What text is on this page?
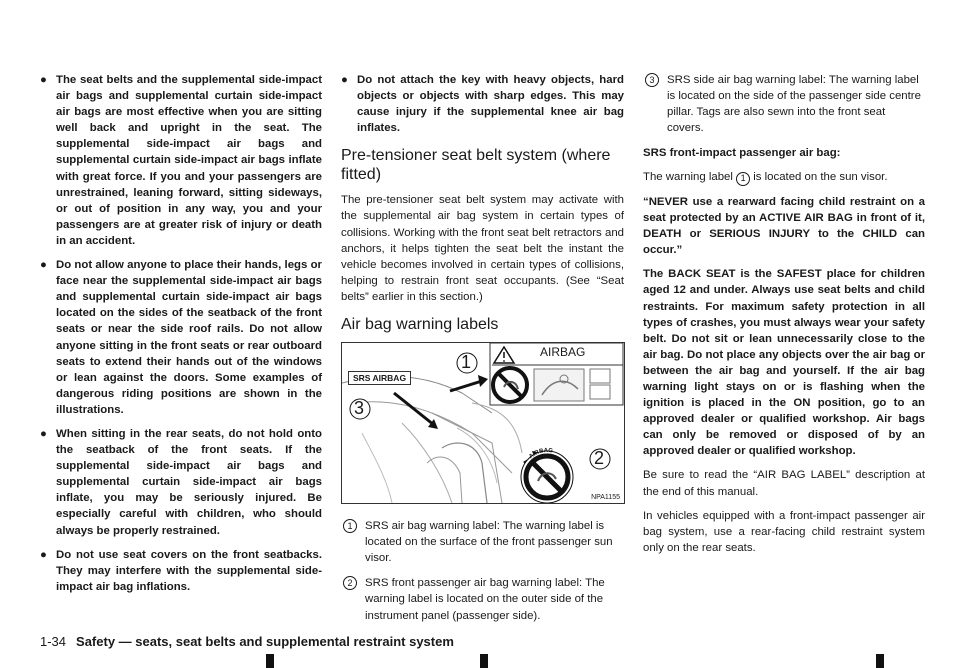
● The seat belts and the supplemental side-impact air bags and supplemental curtain side-impact air bags are most effective when you are sitting well back and upright in the seat. The supplemental side-impact air bags and supplemental curtain side-impact air bags inflate with great force. If you and your passengers are unrestrained, leaning forward, sitting sideways, or out of position in any way, you and your passengers are at greater risk of injury or death in an accident.
● Do not allow anyone to place their hands, legs or face near the supplemental side-impact air bags and supplemental curtain side-impact air bags located on the sides of the seatback of the front seats or near the side roof rails. Do not allow anyone sitting in the front seats or rear outboard seats to extend their hands out of the windows or lean against the doors. Some examples of dangerous riding positions are shown in the illustrations.
● When sitting in the rear seats, do not hold onto the seatback of the front seats. If the supplemental side-impact air bags and supplemental curtain side-impact air bags inflate, you may be seriously injured. Be especially careful with children, who should always be properly restrained.
● Do not use seat covers on the front seatbacks. They may interfere with the supplemental side-impact air bag inflations.
● Do not attach the key with heavy objects, hard objects or objects with sharp edges. This may cause injury if the supplemental knee air bag inflates.
Pre-tensioner seat belt system (where fitted)

The pre-tensioner seat belt system may activate with the supplemental air bag system in certain types of collisions. Working with the front seat belt retractors and anchors, it helps tighten the seat belt the instant the vehicle becomes involved in certain types of collisions, helping to restrain front seat occupants. (See “Seat belts” earlier in this section.)

Air bag warning labels
AIRBAG
AIRBAG
SRS AIRBAG
1
2
3
NPA1155
1	SRS air bag warning label: The warning label is located on the surface of the front passenger sun visor.
2	SRS front passenger air bag warning label: The warning label is located on the outer side of the instrument panel (passenger side).
3	SRS side air bag warning label: The warning label is located on the side of the passenger side centre pillar. Tags are also sewn into the front seat covers.

SRS front-impact passenger air bag:

The warning label 1 is located on the sun visor.

“NEVER use a rearward facing child restraint on a seat protected by an ACTIVE AIR BAG in front of it, DEATH or SERIOUS INJURY to the CHILD can occur.”

The BACK SEAT is the SAFEST place for children aged 12 and under. Always use seat belts and child restraints. For maximum safety protection in all types of crashes, you must always wear your safety belt. Do not sit or lean unnecessarily close to the air bag. Do not place any objects over the air bag or between the air bag and yourself. If the air bag warning light stays on or is flashing when the ignition is placed in the ON position, go to an approved dealer or qualified workshop. Air bags can only be removed or disposed of by an approved dealer or qualified workshop.

Be sure to read the “AIR BAG LABEL” description at the end of this manual.

In vehicles equipped with a front-impact passenger air bag system, use a rear-facing child restraint system only on the rear seats.

1-34 Safety — seats, seat belts and supplemental restraint system
